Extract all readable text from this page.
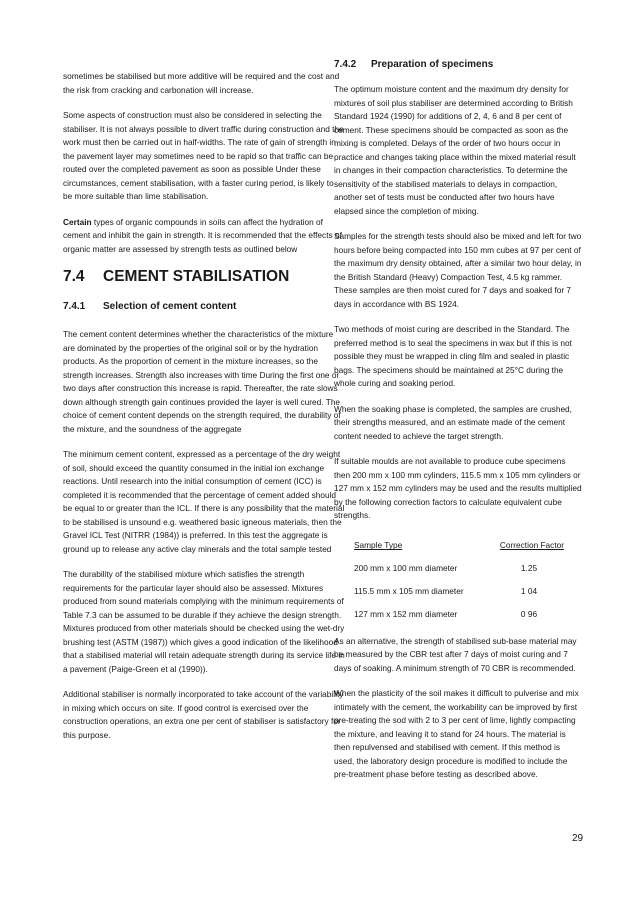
sometimes be stabilised but more additive will be required and the cost and the risk from cracking and carbonation will increase.

Some aspects of construction must also be considered in selecting the stabiliser. It is not always possible to divert traffic during construction and the work must then be carried out in half-widths. The rate of gain of strength in the pavement layer may sometimes need to be rapid so that traffic can be routed over the completed pavement as soon as possible Under these circumstances, cement stabilisation, with a faster curing period, is likely to be more suitable than lime stabilisation.

Certain types of organic compounds in soils can affect the hydration of cement and inhibit the gain in strength. It is recommended that the effects of organic matter are assessed by strength tests as outlined below

7.4 CEMENT STABILISATION
7.4.1 Selection of cement content

The cement content determines whether the characteristics of the mixture are dominated by the properties of the original soil or by the hydration products. As the proportion of cement in the mixture increases, so the strength increases. Strength also increases with time During the first one or two days after construction this increase is rapid. Thereafter, the rate slows down although strength gain continues provided the layer is well cured. The choice of cement content depends on the strength required, the durability of the mixture, and the soundness of the aggregate

The minimum cement content, expressed as a percentage of the dry weight of soil, should exceed the quantity consumed in the initial ion exchange reactions. Until research into the initial consumption of cement (ICC) is completed it is recommended that the percentage of cement added should be equal to or greater than the ICL. If there is any possibility that the material to be stabilised is unsound e.g. weathered basic igneous materials, then the Gravel ICL Test (NITRR (1984)) is preferred. In this test the aggregate is ground up to release any active clay minerals and the total sample tested

The durability of the stabilised mixture which satisfies the strength requirements for the particular layer should also be assessed. Mixtures produced from sound materials complying with the minimum requirements of Table 7.3 can be assumed to be durable if they achieve the design strength. Mixtures produced from other materials should be checked using the wet-dry brushing test (ASTM (1987)) which gives a good indication of the likelihood that a stabilised material will retain adequate strength during its service life in a pavement (Paige-Green et al (1990)).

Additional stabiliser is normally incorporated to take account of the variability in mixing which occurs on site. If good control is exercised over the construction operations, an extra one per cent of stabiliser is satisfactory for this purpose.

7.4.2 Preparation of specimens

The optimum moisture content and the maximum dry density for mixtures of soil plus stabiliser are determined according to British Standard 1924 (1990) for additions of 2, 4, 6 and 8 per cent of cement. These specimens should be compacted as soon as the mixing is completed. Delays of the order of two hours occur in practice and changes taking place within the mixed material result in changes in their compaction characteristics. To determine the sensitivity of the stabilised materials to delays in compaction, another set of tests must be conducted after two hours have elapsed since the completion of mixing.

Samples for the strength tests should also be mixed and left for two hours before being compacted into 150 mm cubes at 97 per cent of the maximum dry density obtained, after a similar two hour delay, in the British Standard (Heavy) Compaction Test, 4.5 kg rammer. These samples are then moist cured for 7 days and soaked for 7 days in accordance with BS 1924.

Two methods of moist curing are described in the Standard. The preferred method is to seal the specimens in wax but if this is not possible they must be wrapped in cling film and sealed in plastic bags. The specimens should be maintained at 25°C during the whole curing and soaking period.

When the soaking phase is completed, the samples are crushed, their strengths measured, and an estimate made of the cement content needed to achieve the target strength.

If suitable moulds are not available to produce cube specimens then 200 mm x 100 mm cylinders, 115.5 mm x 105 mm cylinders or 127 mm x 152 mm cylinders may be used and the results multiplied by the following correction factors to calculate equivalent cube strengths.

Sample Type	Correction Factor
200 mm x 100 mm diameter	1.25
115.5 mm x 105 mm diameter	1 04
127 mm x 152 mm diameter	0 96

As an alternative, the strength of stabilised sub-base material may be measured by the CBR test after 7 days of moist curing and 7 days of soaking. A minimum strength of 70 CBR is recommended.

When the plasticity of the soil makes it difficult to pulverise and mix intimately with the cement, the workability can be improved by first pre-treating the sod with 2 to 3 per cent of lime, lightly compacting the mixture, and leaving it to stand for 24 hours. The material is then repulvensed and stabilised with cement. If this method is used, the laboratory design procedure is modified to include the pre-treatment phase before testing as described above.

29
